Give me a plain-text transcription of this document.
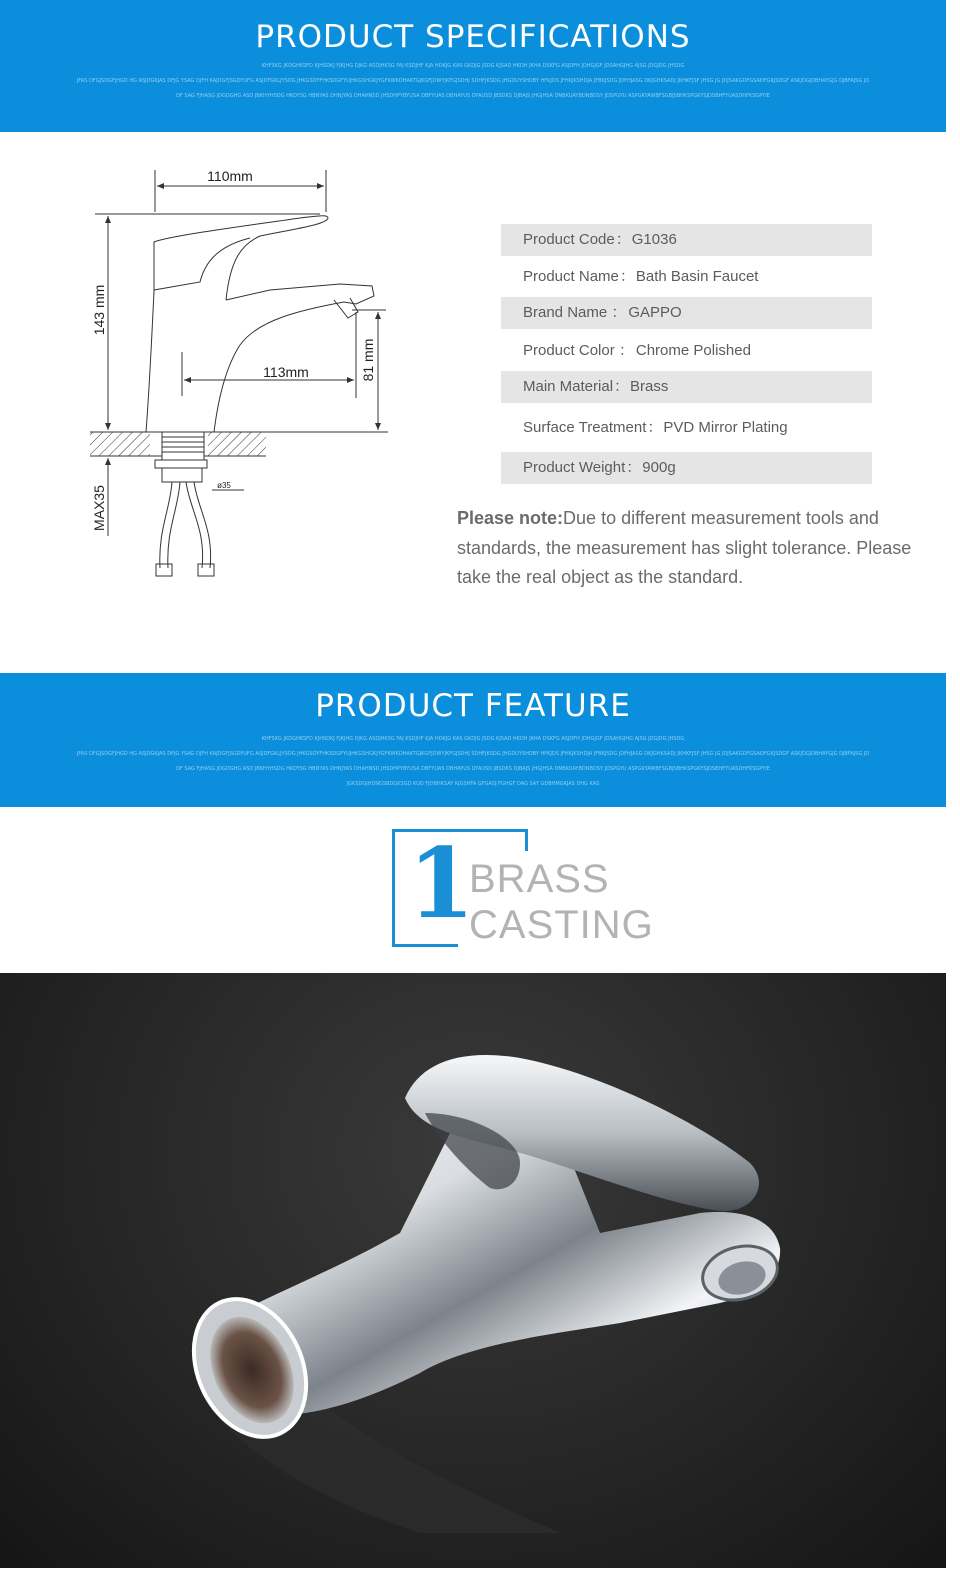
PRODUCT SPECIFICATIONS
KHFSKG JKDGHKSFD KJHSDKJ FJKJHG DJKG ASDJHKSG FAJ KSDJHF KJA HDKJG KAS GKDJG JSDG KJSAD HKDH JKHA DSKFG ASJDFH JDHGJGF JDSAHGJHG AJSG JDGJDG JHSDG
JFAS DFGJSDGFJHGD HG ASJDGKJAS DFJG YSAG DJFH KAJDGFJSGDYUFG ASJDFGKLJYSDG JHKGSDYFHKSDGFYUJHKGSHGKJYGFKWKDHAKTGJKGFJDWYJKFGJSDHJ SDHFJKSDG JHGDUYSHDBY HFKJDS JFHKJKSHDJA JFBKJSDG JDFHJASG DKJGHKSADJ JKHKFJSF JHSG JG JDJSAKGDFGSADFGKJSDGF ASKJDGJDBHAYGJG DJBFAJSG JD
DF SAG FJHASG JDGDGHG ASD JBKHYHSDG HKDYSG HBNYAS DHNJYAS DHAHNSD JHSDHPYBYUSA DBFYUAS DBHAYUS DYAUSD JBSDKS DJBAJS JHGJHSA DNBKUAYBDNBDSY JDSPGYU ASPGKYAWBFSGBJSBHKSPGKYSJDSBHFYUASDHFKSGPYIE
110mm
143 mm
113mm	81 mm
MAX35	ø35
Product Code：G1036
Product Name：Bath Basin Faucet
Brand Name ： GAPPO
Product Color ： Chrome Polished
Main Material：Brass
Surface Treatment：PVD Mirror Plating
Product Weight：900g
Please note:Due to different measurement tools and standards, the measurement has slight tolerance. Please take the real object as the standard.
PRODUCT FEATURE
KHFSKG JKDGHKSFD KJHSDKJ FJKJHG DJKG ASDJHKSG FAJ KSDJHF KJA HDKJG KAS GKDJG JSDG KJSAD HKDH JKHA DSKFG ASJDFH JDHGJGF JDSAHGJHG AJSG JDGJDG JHSDG
JFAS DFGJSDGFJHGD HG ASJDGKJAS DFJG YSAG DJFH KAJDGFJSGDYUFG ASJDFGKLJYSDG JHKGSDYFHKSDGFYUJHKGSHGKJYGFKWKDHAKTGJKGFJDWYJKFGJSDHJ SDHFJKSDG JHGDUYSHDBY HFKJDS JFHKJKSHDJA JFBKJSDG JDFHJASG DKJGHKSADJ JKHKFJSF JHSG JG JDJSAKGDFGSADFGKJSDGF ASKJDGJDBHAYGJG DJBFAJSG JD
DF SAG FJHASG JDGDGHG ASD JBKHYHSDG HKDYSG HBNYAS DHNJYAS DHAHNSD JHSDHPYBYUSA DBFYUAS DBHAYUS DYAUSD JBSDKS DJBAJS JHGJHSA DNBKUAYBDNBDSY JDSPGYU ASPGKYAWBFSGBJSBHKSPGKYSJDSBHFYUASDHFKSGPYIE
JGKSDGJHDNGSBDGKSGD KUD FJDBHKSAY KJGSHFA GFGASJ FGHGF DAG SAY GDBHMGKJAS DHG KAS
1
BRASS
CASTING
